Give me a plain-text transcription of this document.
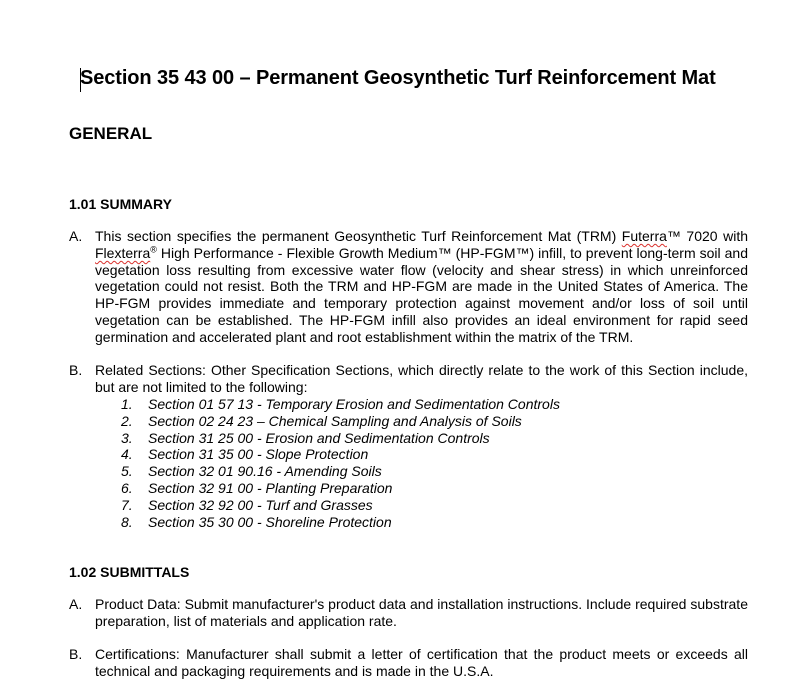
Section 35 43 00 – Permanent Geosynthetic Turf Reinforcement Mat
GENERAL
1.01 SUMMARY
A. This section specifies the permanent Geosynthetic Turf Reinforcement Mat (TRM) Futerra™ 7020 with Flexterra® High Performance - Flexible Growth Medium™ (HP-FGM™) infill, to prevent long-term soil and vegetation loss resulting from excessive water flow (velocity and shear stress) in which unreinforced vegetation could not resist. Both the TRM and HP-FGM are made in the United States of America. The HP-FGM provides immediate and temporary protection against movement and/or loss of soil until vegetation can be established. The HP-FGM infill also provides an ideal environment for rapid seed germination and accelerated plant and root establishment within the matrix of the TRM.
B. Related Sections: Other Specification Sections, which directly relate to the work of this Section include, but are not limited to the following:
1. Section 01 57 13 - Temporary Erosion and Sedimentation Controls
2. Section 02 24 23 – Chemical Sampling and Analysis of Soils
3. Section 31 25 00 - Erosion and Sedimentation Controls
4. Section 31 35 00 - Slope Protection
5. Section 32 01 90.16 - Amending Soils
6. Section 32 91 00 - Planting Preparation
7. Section 32 92 00 - Turf and Grasses
8. Section 35 30 00 - Shoreline Protection
1.02 SUBMITTALS
A. Product Data: Submit manufacturer's product data and installation instructions. Include required substrate preparation, list of materials and application rate.
B. Certifications: Manufacturer shall submit a letter of certification that the product meets or exceeds all technical and packaging requirements and is made in the U.S.A.
